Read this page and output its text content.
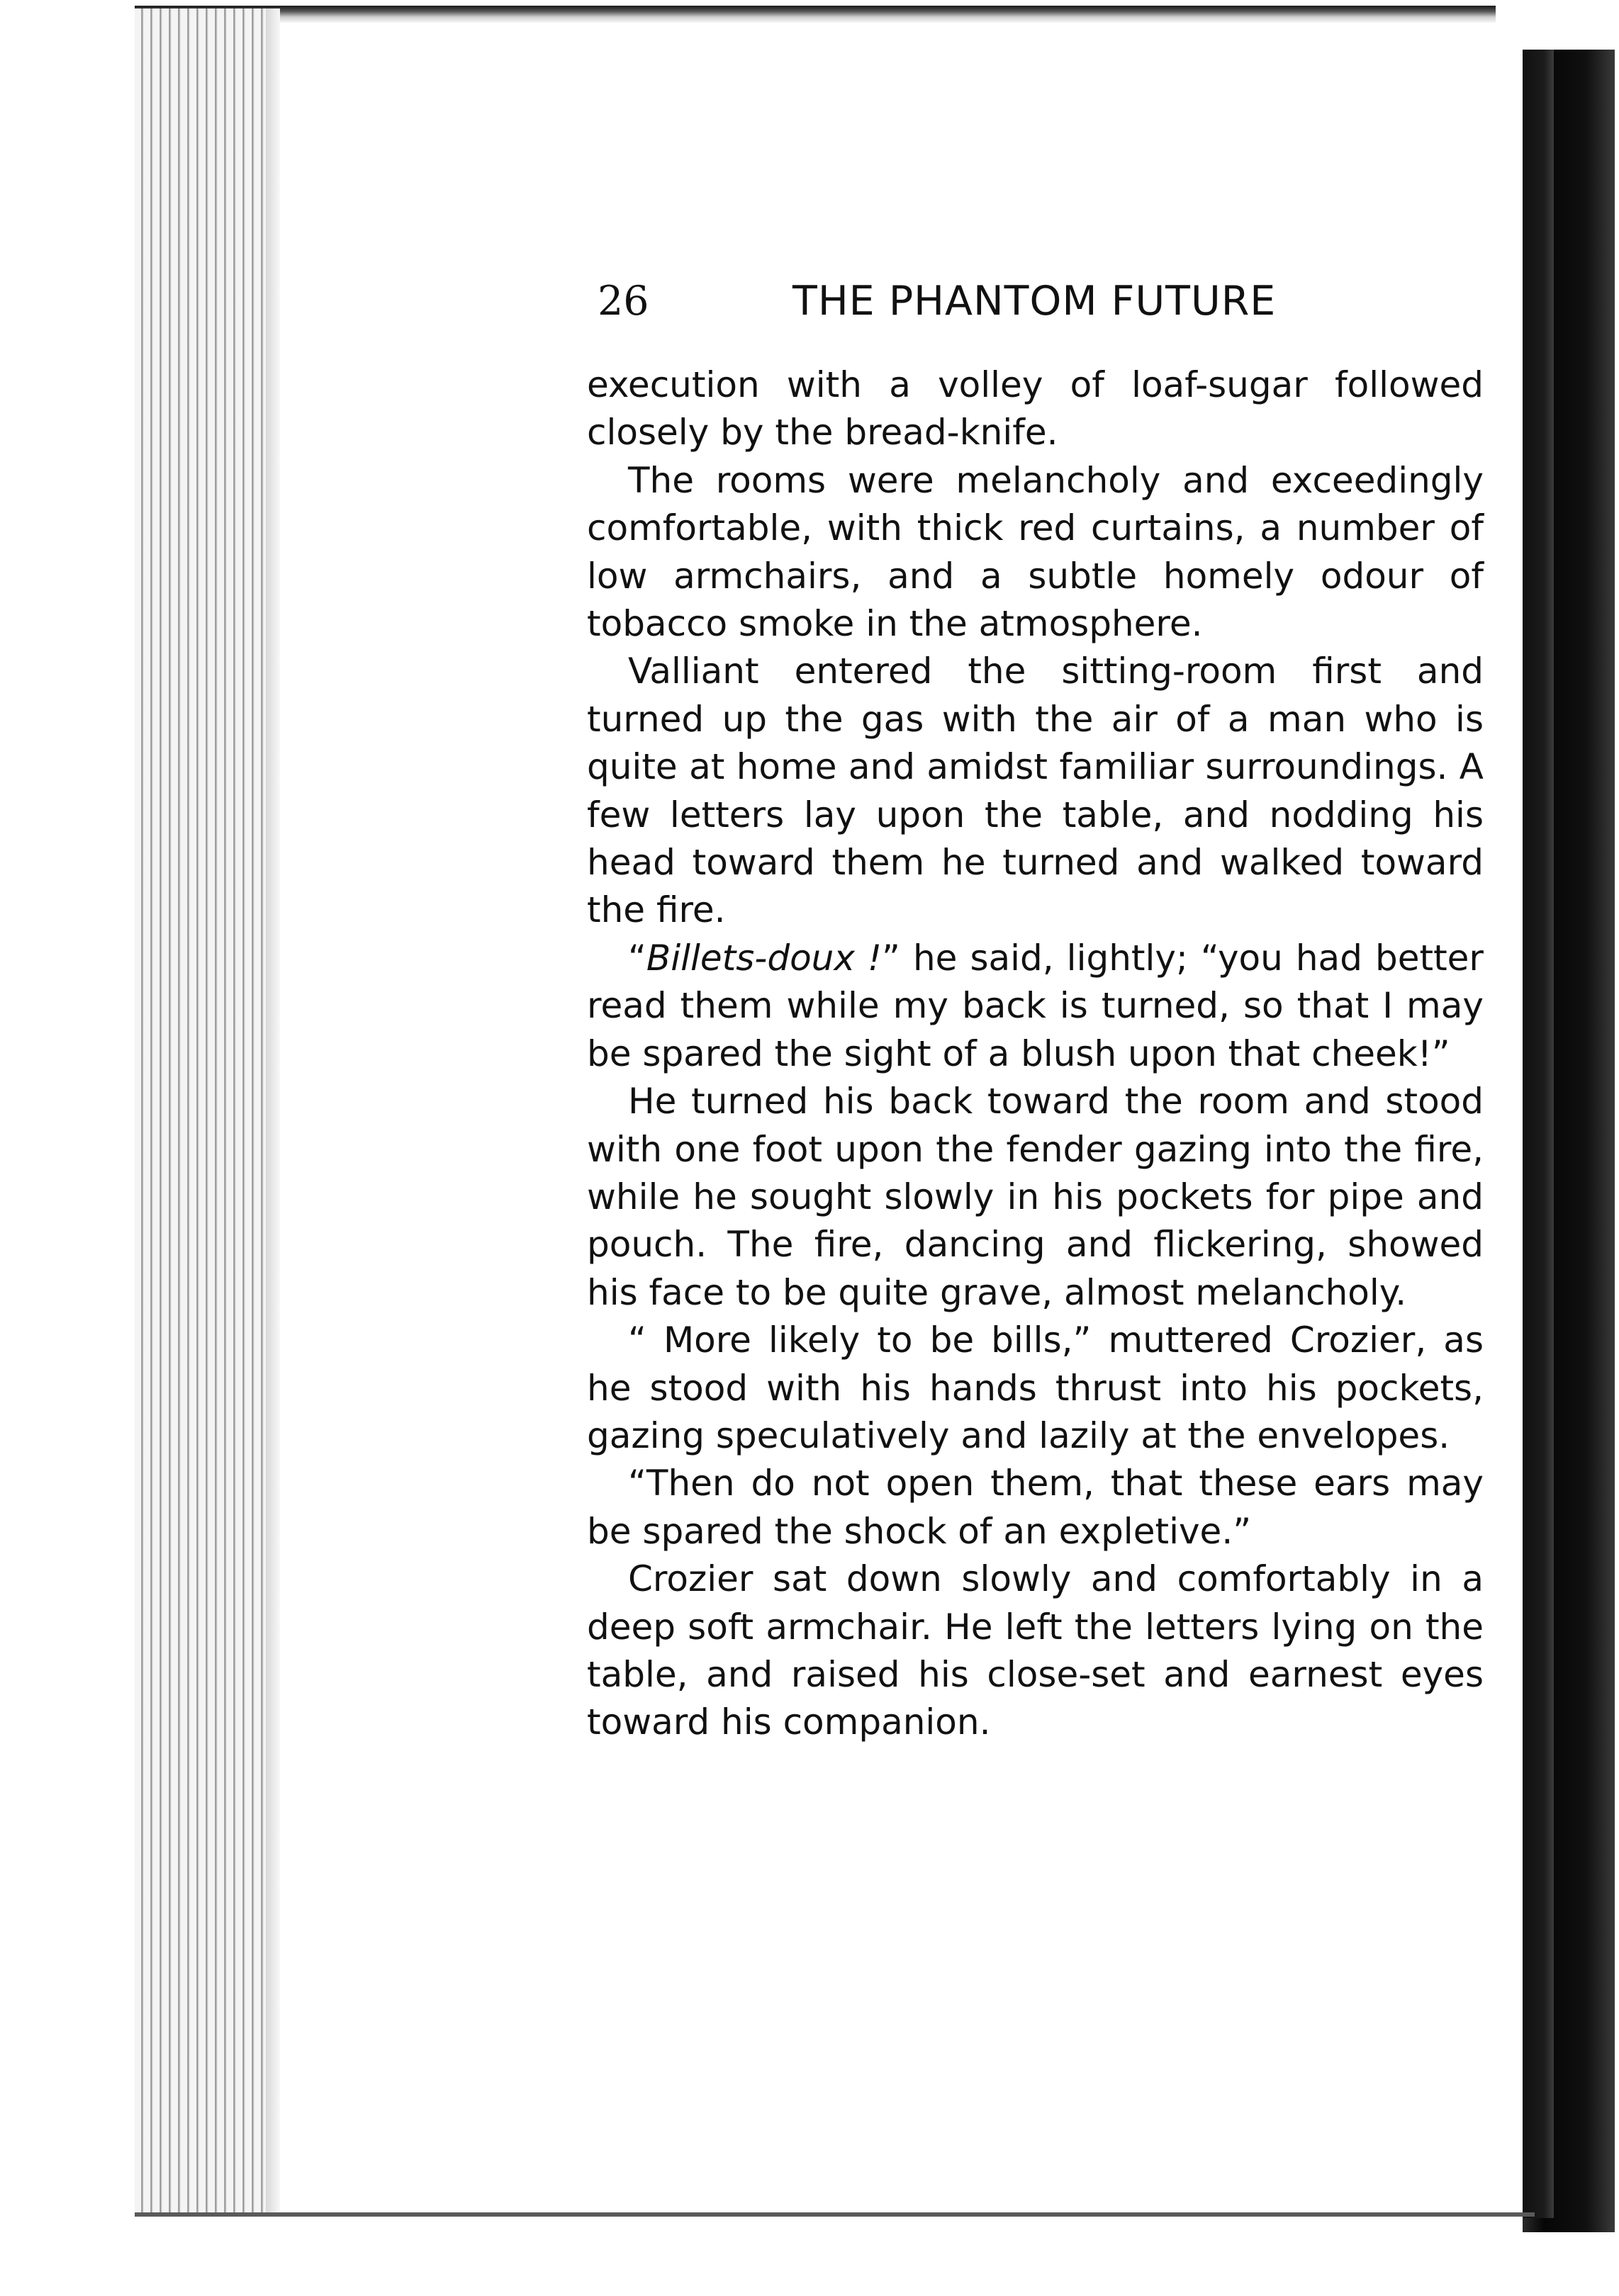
26	THE PHANTOM FUTURE

execution with a volley of loaf-sugar followed closely by the bread-knife.

The rooms were melancholy and exceedingly comfortable, with thick red curtains, a number of low armchairs, and a subtle homely odour of tobacco smoke in the atmosphere.

Valliant entered the sitting-room first and turned up the gas with the air of a man who is quite at home and amidst familiar surroundings. A few letters lay upon the table, and nodding his head toward them he turned and walked toward the fire.

“Billets-doux !” he said, lightly; “you had better read them while my back is turned, so that I may be spared the sight of a blush upon that cheek!”

He turned his back toward the room and stood with one foot upon the fender gazing into the fire, while he sought slowly in his pockets for pipe and pouch. The fire, dancing and flickering, showed his face to be quite grave, almost melancholy.

“ More likely to be bills,” muttered Crozier, as he stood with his hands thrust into his pockets, gazing speculatively and lazily at the envelopes.

“Then do not open them, that these ears may be spared the shock of an expletive.”

Crozier sat down slowly and comfortably in a deep soft armchair. He left the letters lying on the table, and raised his close-set and earnest eyes toward his companion.
